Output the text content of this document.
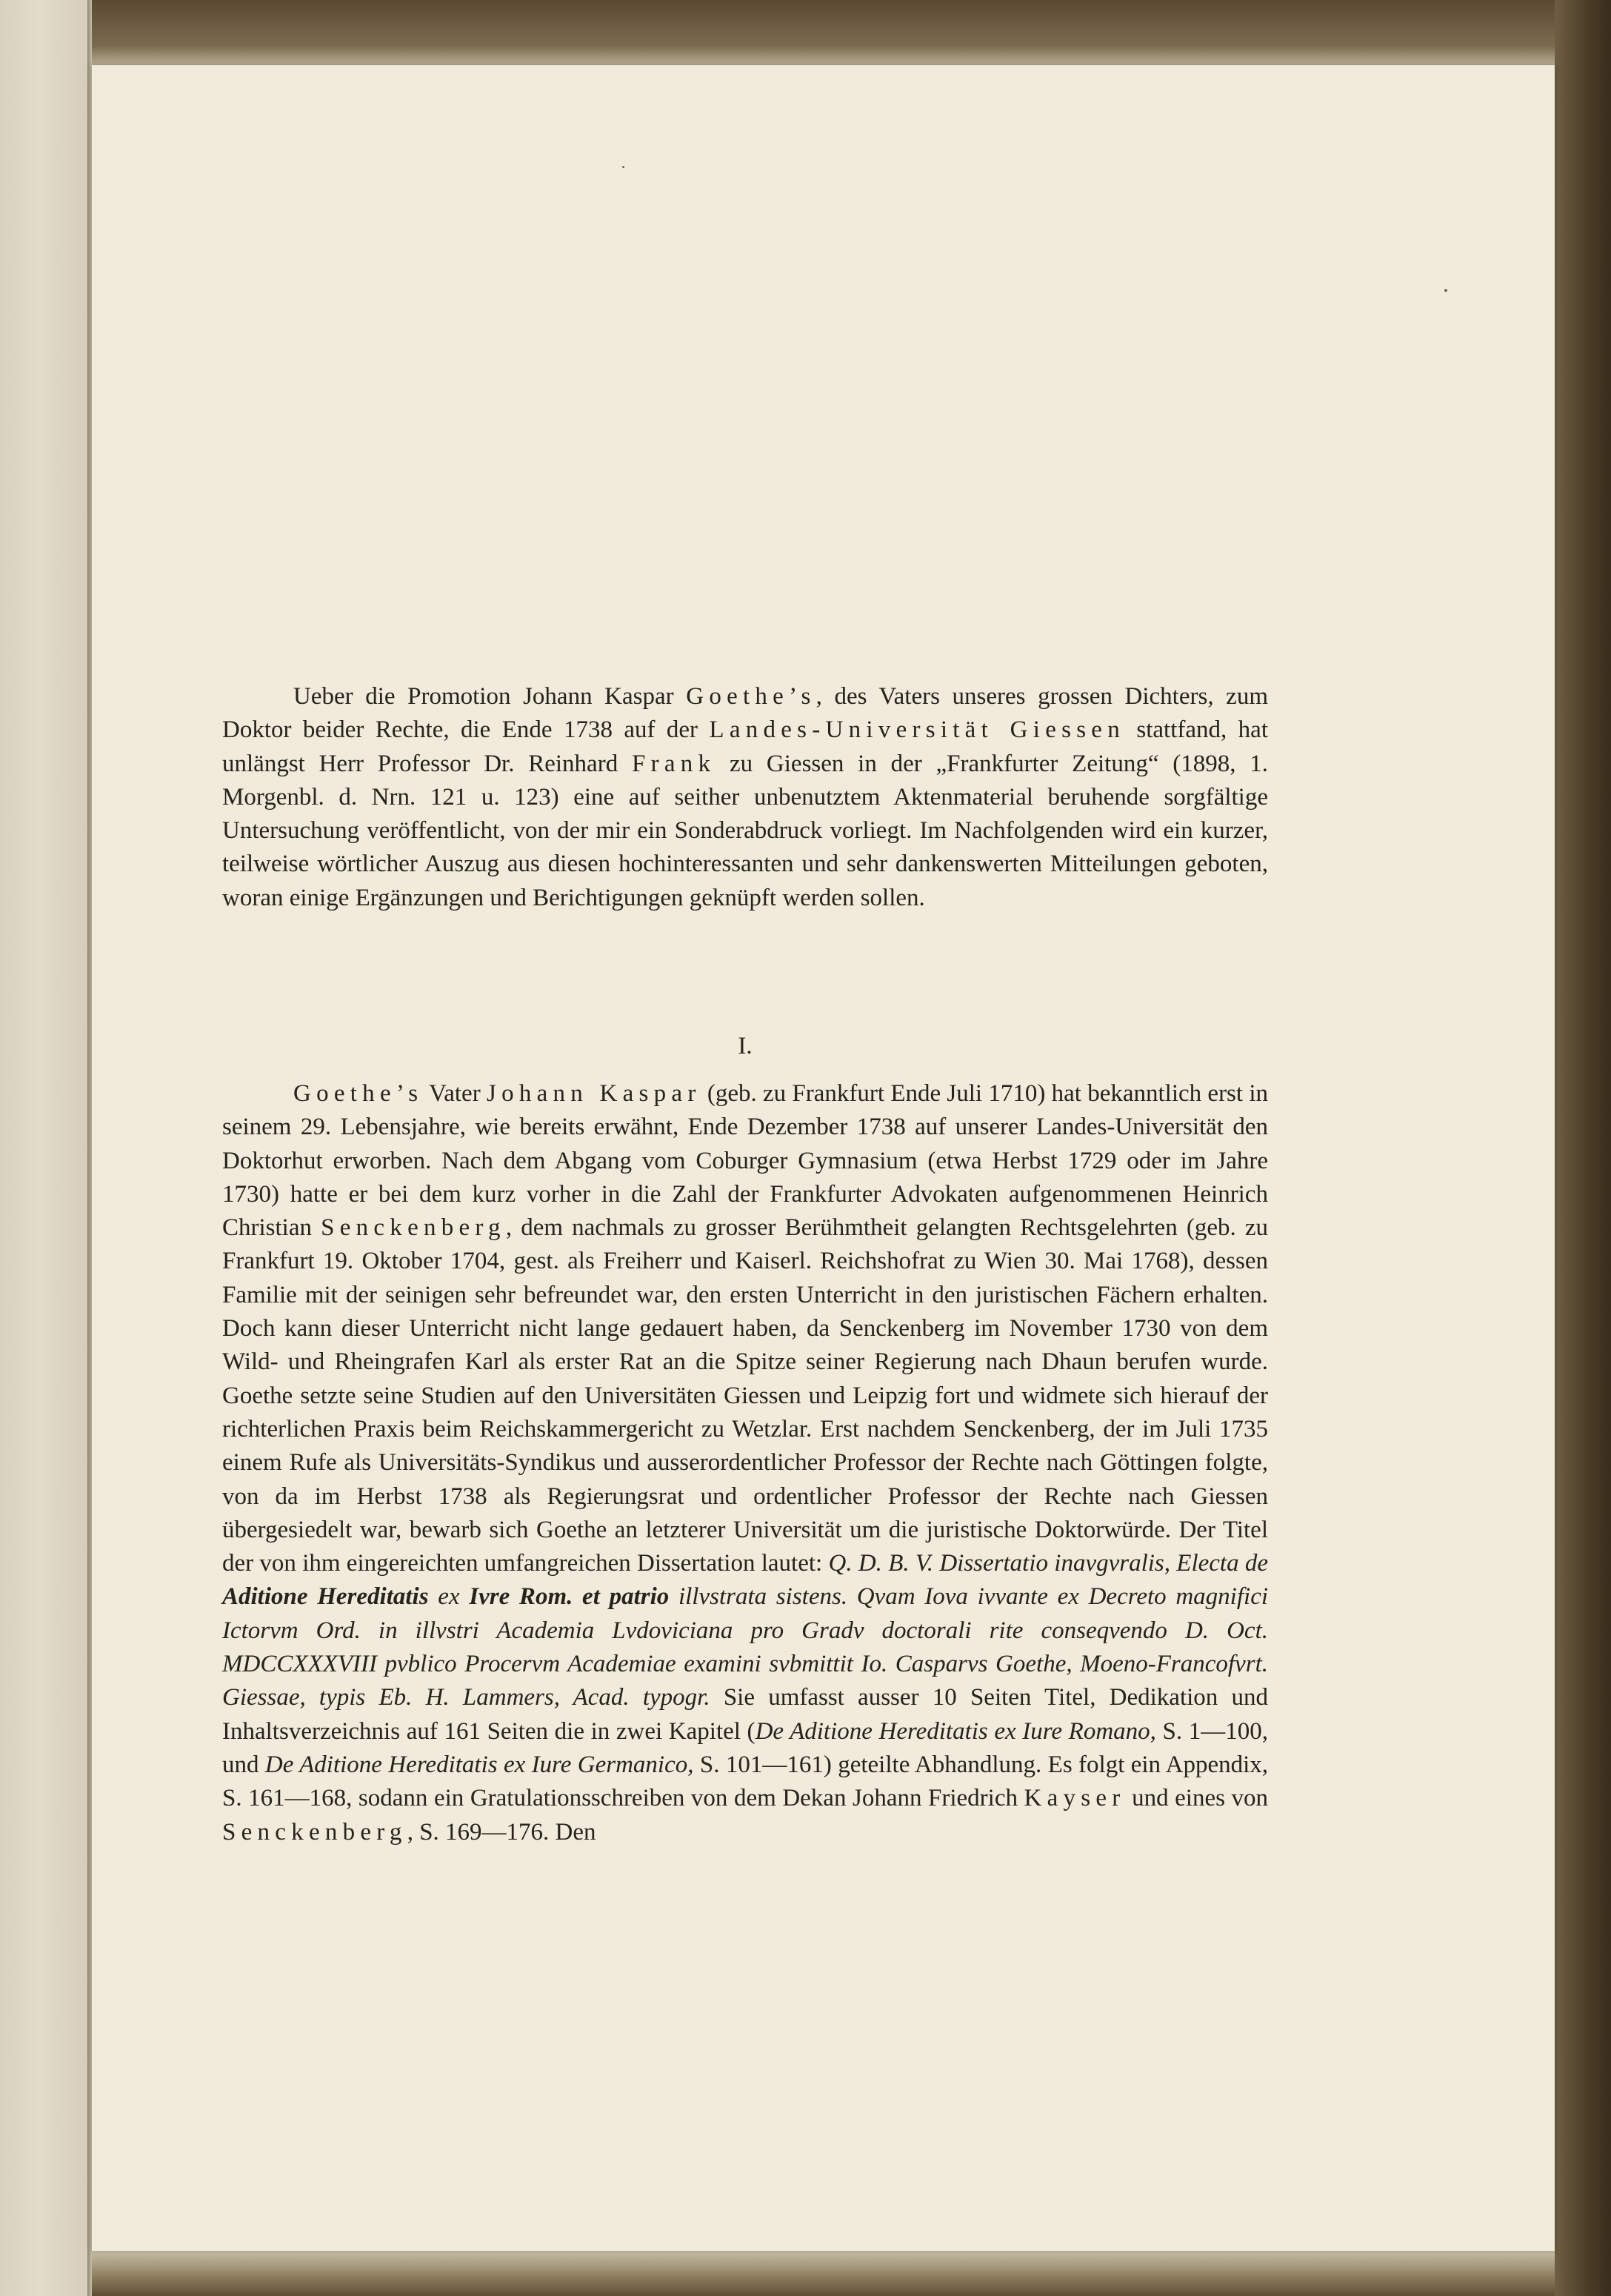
Ueber die Promotion Johann Kaspar Goethe’s, des Vaters unseres grossen Dichters, zum Doktor beider Rechte, die Ende 1738 auf der Landes-Universität Giessen stattfand, hat unlängst Herr Professor Dr. Reinhard Frank zu Giessen in der „Frankfurter Zeitung“ (1898, 1. Morgenbl. d. Nrn. 121 u. 123) eine auf seither unbenutztem Aktenmaterial beruhende sorgfältige Untersuchung veröffentlicht, von der mir ein Sonderabdruck vorliegt. Im Nachfolgenden wird ein kurzer, teilweise wörtlicher Auszug aus diesen hochinteressanten und sehr dankenswerten Mitteilungen geboten, woran einige Ergänzungen und Berichtigungen geknüpft werden sollen.

I.

Goethe’s Vater Johann Kaspar (geb. zu Frankfurt Ende Juli 1710) hat bekanntlich erst in seinem 29. Lebensjahre, wie bereits erwähnt, Ende Dezember 1738 auf unserer Landes-Universität den Doktorhut erworben. Nach dem Abgang vom Coburger Gymnasium (etwa Herbst 1729 oder im Jahre 1730) hatte er bei dem kurz vorher in die Zahl der Frankfurter Advokaten aufgenommenen Heinrich Christian Senckenberg, dem nachmals zu grosser Berühmtheit gelangten Rechtsgelehrten (geb. zu Frankfurt 19. Oktober 1704, gest. als Freiherr und Kaiserl. Reichshofrat zu Wien 30. Mai 1768), dessen Familie mit der seinigen sehr befreundet war, den ersten Unterricht in den juristischen Fächern erhalten. Doch kann dieser Unterricht nicht lange gedauert haben, da Senckenberg im November 1730 von dem Wild- und Rheingrafen Karl als erster Rat an die Spitze seiner Regierung nach Dhaun berufen wurde. Goethe setzte seine Studien auf den Universitäten Giessen und Leipzig fort und widmete sich hierauf der richterlichen Praxis beim Reichskammergericht zu Wetzlar. Erst nachdem Senckenberg, der im Juli 1735 einem Rufe als Universitäts-Syndikus und ausserordentlicher Professor der Rechte nach Göttingen folgte, von da im Herbst 1738 als Regierungsrat und ordentlicher Professor der Rechte nach Giessen übergesiedelt war, bewarb sich Goethe an letzterer Universität um die juristische Doktorwürde. Der Titel der von ihm eingereichten umfangreichen Dissertation lautet: Q. D. B. V. Dissertatio inavgvralis, Electa de Aditione Hereditatis ex Ivre Rom. et patrio illvstrata sistens. Qvam Iova ivvante ex Decreto magnifici Ictorvm Ord. in illvstri Academia Lvdoviciana pro Gradv doctorali rite conseqvendo D. Oct. MDCCXXXVIII pvblico Procervm Academiae examini svbmittit Io. Casparvs Goethe, Moeno-Francofvrt. Giessae, typis Eb. H. Lammers, Acad. typogr. Sie umfasst ausser 10 Seiten Titel, Dedikation und Inhaltsverzeichnis auf 161 Seiten die in zwei Kapitel (De Aditione Hereditatis ex Iure Romano, S. 1—100, und De Aditione Hereditatis ex Iure Germanico, S. 101—161) geteilte Abhandlung. Es folgt ein Appendix, S. 161—168, sodann ein Gratulationsschreiben von dem Dekan Johann Friedrich Kayser und eines von Senckenberg, S. 169—176. Den
